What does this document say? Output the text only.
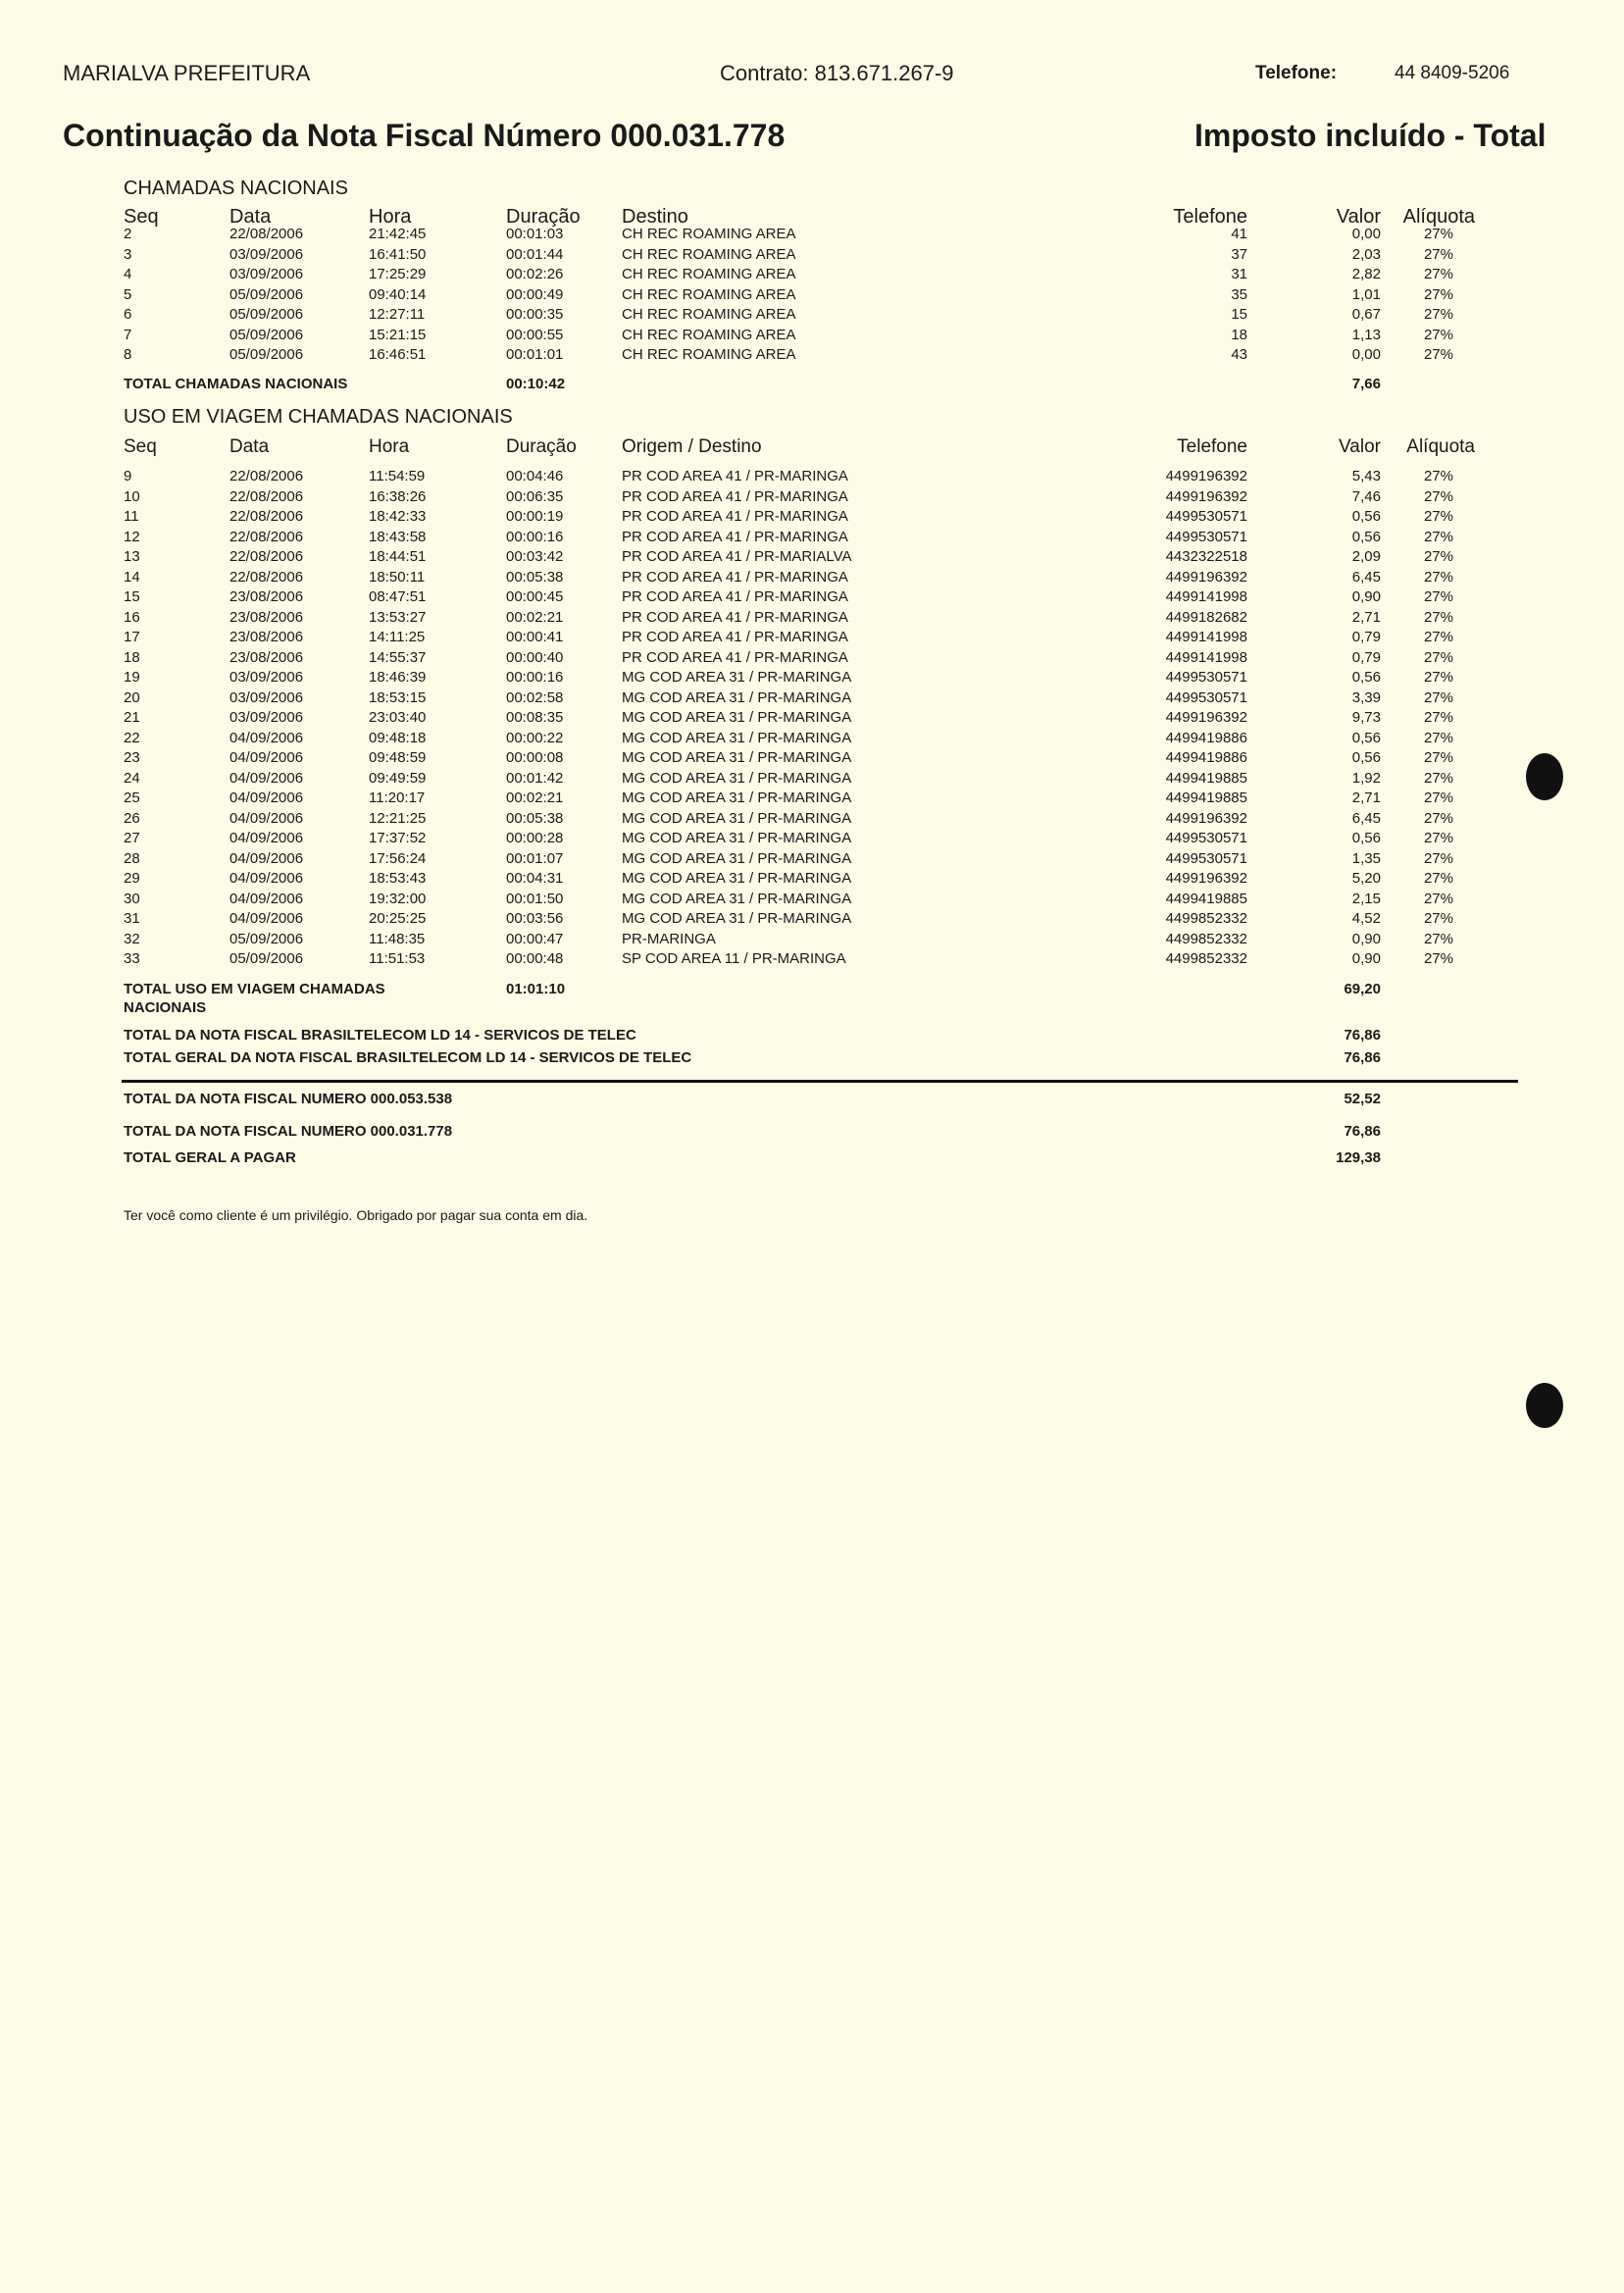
MARIALVA PREFEITURA	Contrato: 813.671.267-9	Telefone:	44 8409-5206
Continuação da Nota Fiscal Número 000.031.778	Imposto incluído - Total
CHAMADAS NACIONAIS
Seq	Data	Hora	Duração Destino	Telefone	Valor Alíquota
2	22/08/2006	21:42:45	00:01:03	CH REC ROAMING AREA	41	0,00	27%
3	03/09/2006	16:41:50	00:01:44	CH REC ROAMING AREA	37	2,03	27%
4	03/09/2006	17:25:29	00:02:26	CH REC ROAMING AREA	31	2,82	27%
5	05/09/2006	09:40:14	00:00:49	CH REC ROAMING AREA	35	1,01	27%
6	05/09/2006	12:27:11	00:00:35	CH REC ROAMING AREA	15	0,67	27%
7	05/09/2006	15:21:15	00:00:55	CH REC ROAMING AREA	18	1,13	27%
8	05/09/2006	16:46:51	00:01:01	CH REC ROAMING AREA	43	0,00	27%
TOTAL CHAMADAS NACIONAIS	00:10:42	7,66
USO EM VIAGEM CHAMADAS NACIONAIS
Seq	Data	Hora	Duração Origem / Destino	Telefone	Valor Alíquota
9	22/08/2006	11:54:59	00:04:46	PR COD AREA 41 / PR-MARINGA	4499196392	5,43	27%
10	22/08/2006	16:38:26	00:06:35	PR COD AREA 41 / PR-MARINGA	4499196392	7,46	27%
11	22/08/2006	18:42:33	00:00:19	PR COD AREA 41 / PR-MARINGA	4499530571	0,56	27%
12	22/08/2006	18:43:58	00:00:16	PR COD AREA 41 / PR-MARINGA	4499530571	0,56	27%
13	22/08/2006	18:44:51	00:03:42	PR COD AREA 41 / PR-MARIALVA	4432322518	2,09	27%
14	22/08/2006	18:50:11	00:05:38	PR COD AREA 41 / PR-MARINGA	4499196392	6,45	27%
15	23/08/2006	08:47:51	00:00:45	PR COD AREA 41 / PR-MARINGA	4499141998	0,90	27%
16	23/08/2006	13:53:27	00:02:21	PR COD AREA 41 / PR-MARINGA	4499182682	2,71	27%
17	23/08/2006	14:11:25	00:00:41	PR COD AREA 41 / PR-MARINGA	4499141998	0,79	27%
18	23/08/2006	14:55:37	00:00:40	PR COD AREA 41 / PR-MARINGA	4499141998	0,79	27%
19	03/09/2006	18:46:39	00:00:16	MG COD AREA 31 / PR-MARINGA	4499530571	0,56	27%
20	03/09/2006	18:53:15	00:02:58	MG COD AREA 31 / PR-MARINGA	4499530571	3,39	27%
21	03/09/2006	23:03:40	00:08:35	MG COD AREA 31 / PR-MARINGA	4499196392	9,73	27%
22	04/09/2006	09:48:18	00:00:22	MG COD AREA 31 / PR-MARINGA	4499419886	0,56	27%
23	04/09/2006	09:48:59	00:00:08	MG COD AREA 31 / PR-MARINGA	4499419886	0,56	27%
24	04/09/2006	09:49:59	00:01:42	MG COD AREA 31 / PR-MARINGA	4499419885	1,92	27%
25	04/09/2006	11:20:17	00:02:21	MG COD AREA 31 / PR-MARINGA	4499419885	2,71	27%
26	04/09/2006	12:21:25	00:05:38	MG COD AREA 31 / PR-MARINGA	4499196392	6,45	27%
27	04/09/2006	17:37:52	00:00:28	MG COD AREA 31 / PR-MARINGA	4499530571	0,56	27%
28	04/09/2006	17:56:24	00:01:07	MG COD AREA 31 / PR-MARINGA	4499530571	1,35	27%
29	04/09/2006	18:53:43	00:04:31	MG COD AREA 31 / PR-MARINGA	4499196392	5,20	27%
30	04/09/2006	19:32:00	00:01:50	MG COD AREA 31 / PR-MARINGA	4499419885	2,15	27%
31	04/09/2006	20:25:25	00:03:56	MG COD AREA 31 / PR-MARINGA	4499852332	4,52	27%
32	05/09/2006	11:48:35	00:00:47	PR-MARINGA	4499852332	0,90	27%
33	05/09/2006	11:51:53	00:00:48	SP COD AREA 11 / PR-MARINGA	4499852332	0,90	27%
TOTAL USO EM VIAGEM CHAMADAS	01:01:10	69,20
NACIONAIS
TOTAL DA NOTA FISCAL BRASILTELECOM LD 14 - SERVICOS DE TELEC	76,86
TOTAL GERAL DA NOTA FISCAL BRASILTELECOM LD 14 - SERVICOS DE TELEC	76,86
TOTAL DA NOTA FISCAL NUMERO 000.053.538	52,52
TOTAL DA NOTA FISCAL NUMERO 000.031.778	76,86
TOTAL GERAL A PAGAR	129,38
Ter você como cliente é um privilégio. Obrigado por pagar sua conta em dia.
